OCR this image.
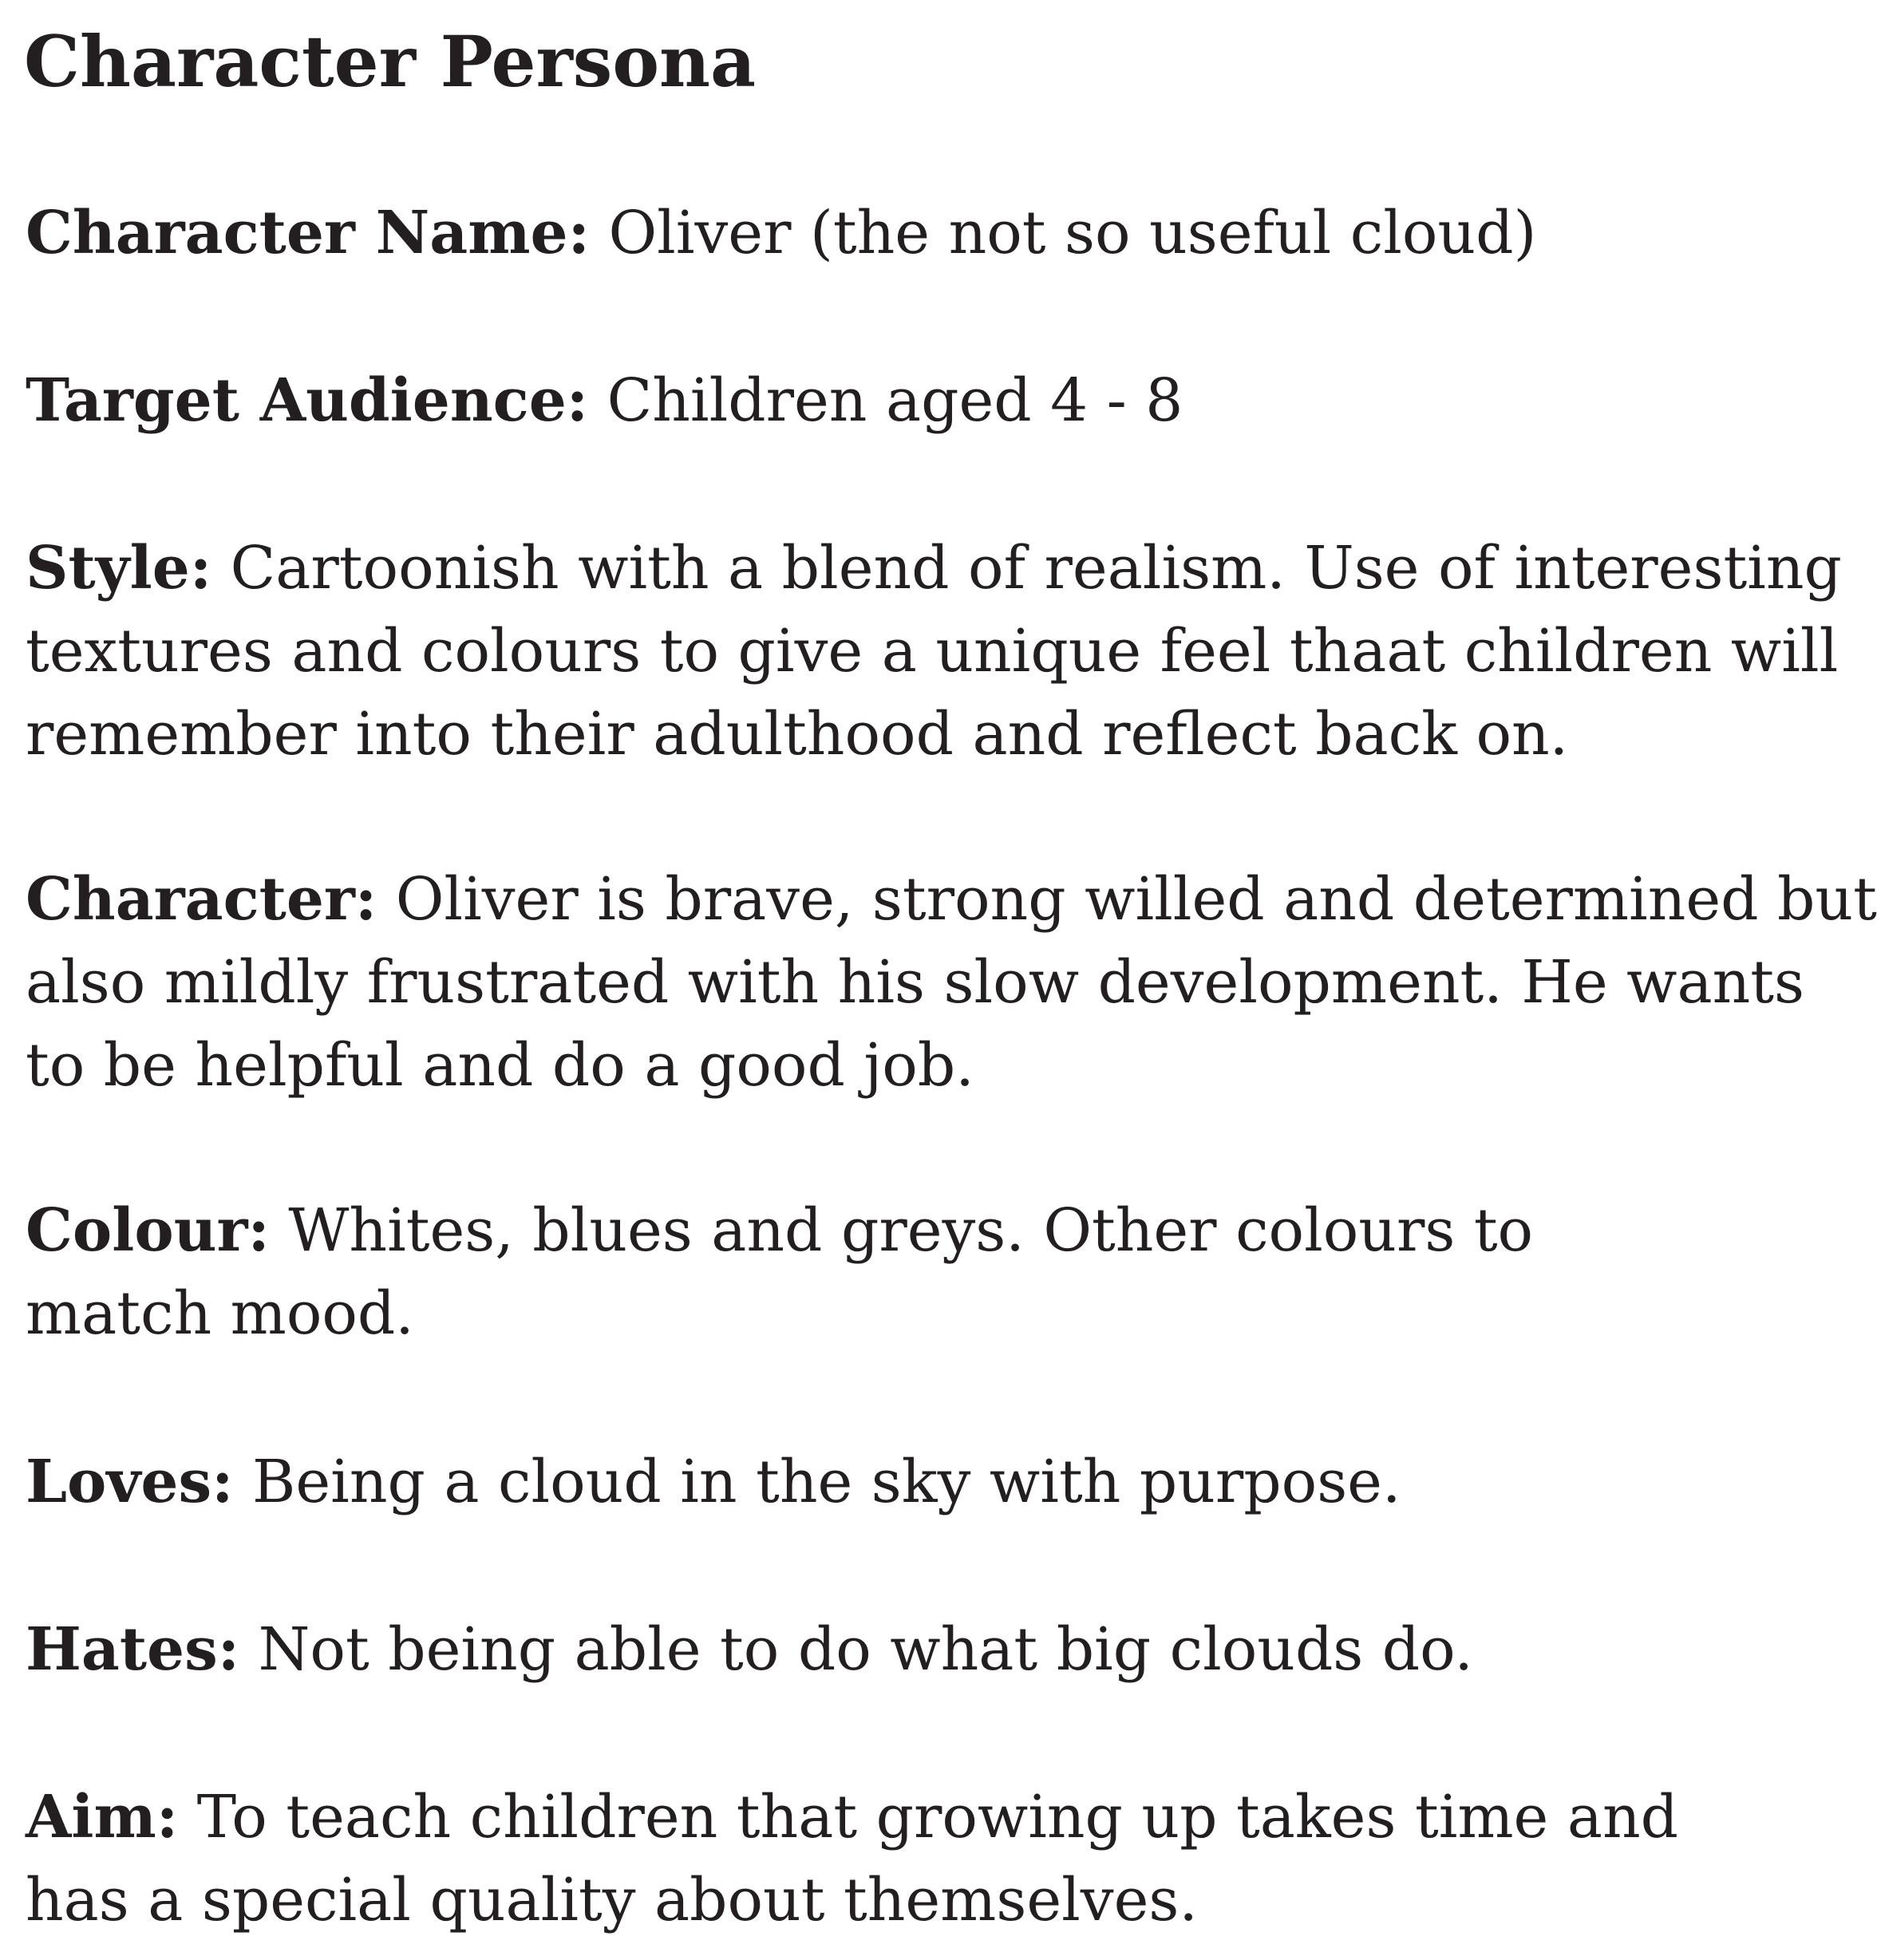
Character Persona

Character Name: Oliver (the not so useful cloud)

Target Audience: Children aged 4 - 8

Style: Cartoonish with a blend of realism. Use of interesting
textures and colours to give a unique feel thaat children will
remember into their adulthood and reflect back on.

Character: Oliver is brave, strong willed and determined but
also mildly frustrated with his slow development. He wants
to be helpful and do a good job.

Colour: Whites, blues and greys. Other colours to
match mood.

Loves: Being a cloud in the sky with purpose.

Hates: Not being able to do what big clouds do.

Aim: To teach children that growing up takes time and
has a special quality about themselves.
